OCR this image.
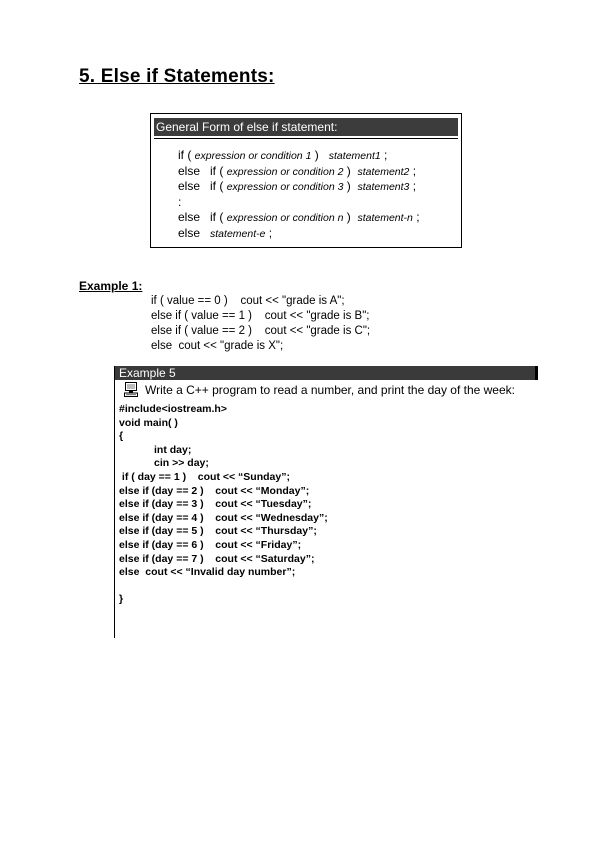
5. Else if Statements:
General Form of else if statement:
if ( expression or condition 1 )   statement1 ;
else   if ( expression or condition 2 )  statement2 ;
else   if ( expression or condition 3 )  statement3 ;
:
else   if ( expression or condition n )  statement-n ;
else   statement-e ;
Example 1:
if ( value == 0 )    cout << "grade is A";
else if ( value == 1 )    cout << "grade is B";
else if ( value == 2 )    cout << "grade is C";
else  cout << "grade is X";
Example 5
Write a C++ program to read a number, and print the day of the week:
#include<iostream.h>
void main( )
{
int day;
cin >> day;
if ( day == 1 )    cout << “Sunday”;
else if (day == 2 )    cout << “Monday”;
else if (day == 3 )    cout << “Tuesday”;
else if (day == 4 )    cout << “Wednesday”;
else if (day == 5 )    cout << “Thursday”;
else if (day == 6 )    cout << “Friday”;
else if (day == 7 )    cout << “Saturday”;
else  cout << “Invalid day number”;
}
